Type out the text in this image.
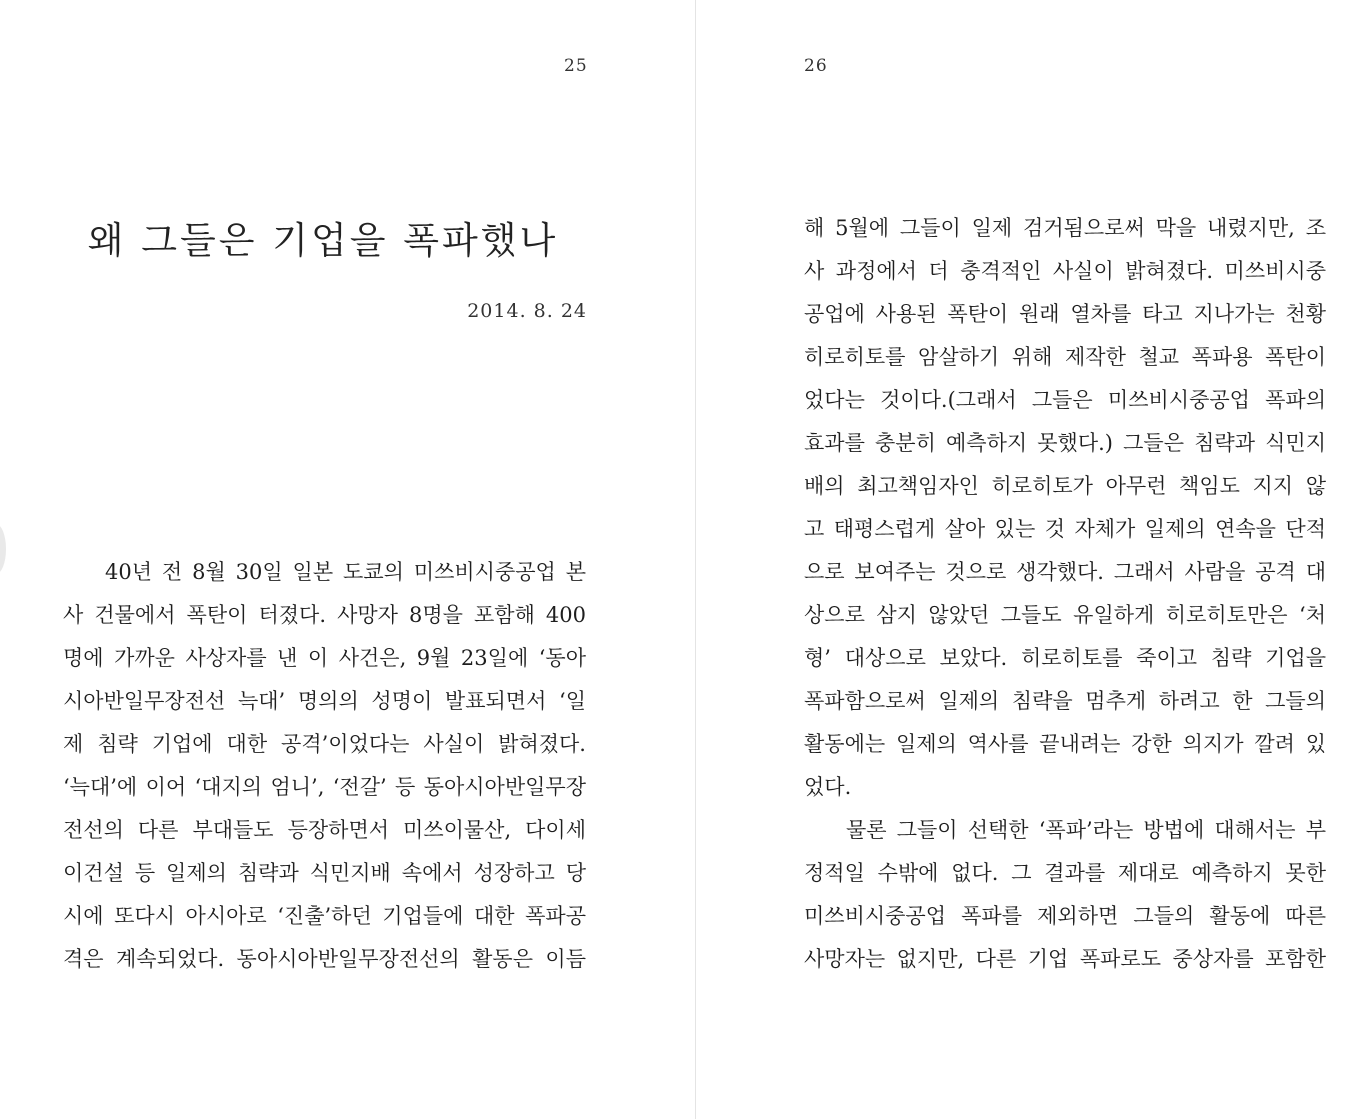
25
왜 그들은 기업을 폭파했나
2014. 8. 24
40년 전 8월 30일 일본 도쿄의 미쓰비시중공업 본
사 건물에서 폭탄이 터졌다. 사망자 8명을 포함해 400
명에 가까운 사상자를 낸 이 사건은, 9월 23일에 ‘동아
시아반일무장전선 늑대’ 명의의 성명이 발표되면서 ‘일
제 침략 기업에 대한 공격’이었다는 사실이 밝혀졌다.
‘늑대’에 이어 ‘대지의 엄니’, ‘전갈’ 등 동아시아반일무장
전선의 다른 부대들도 등장하면서 미쓰이물산, 다이세
이건설 등 일제의 침략과 식민지배 속에서 성장하고 당
시에 또다시 아시아로 ‘진출’하던 기업들에 대한 폭파공
격은 계속되었다. 동아시아반일무장전선의 활동은 이듬
26
해 5월에 그들이 일제 검거됨으로써 막을 내렸지만, 조
사 과정에서 더 충격적인 사실이 밝혀졌다. 미쓰비시중
공업에 사용된 폭탄이 원래 열차를 타고 지나가는 천황
히로히토를 암살하기 위해 제작한 철교 폭파용 폭탄이
었다는 것이다.(그래서 그들은 미쓰비시중공업 폭파의
효과를 충분히 예측하지 못했다.) 그들은 침략과 식민지
배의 최고책임자인 히로히토가 아무런 책임도 지지 않
고 태평스럽게 살아 있는 것 자체가 일제의 연속을 단적
으로 보여주는 것으로 생각했다. 그래서 사람을 공격 대
상으로 삼지 않았던 그들도 유일하게 히로히토만은 ‘처
형’ 대상으로 보았다. 히로히토를 죽이고 침략 기업을
폭파함으로써 일제의 침략을 멈추게 하려고 한 그들의
활동에는 일제의 역사를 끝내려는 강한 의지가 깔려 있
었다.
물론 그들이 선택한 ‘폭파’라는 방법에 대해서는 부
정적일 수밖에 없다. 그 결과를 제대로 예측하지 못한
미쓰비시중공업 폭파를 제외하면 그들의 활동에 따른
사망자는 없지만, 다른 기업 폭파로도 중상자를 포함한
